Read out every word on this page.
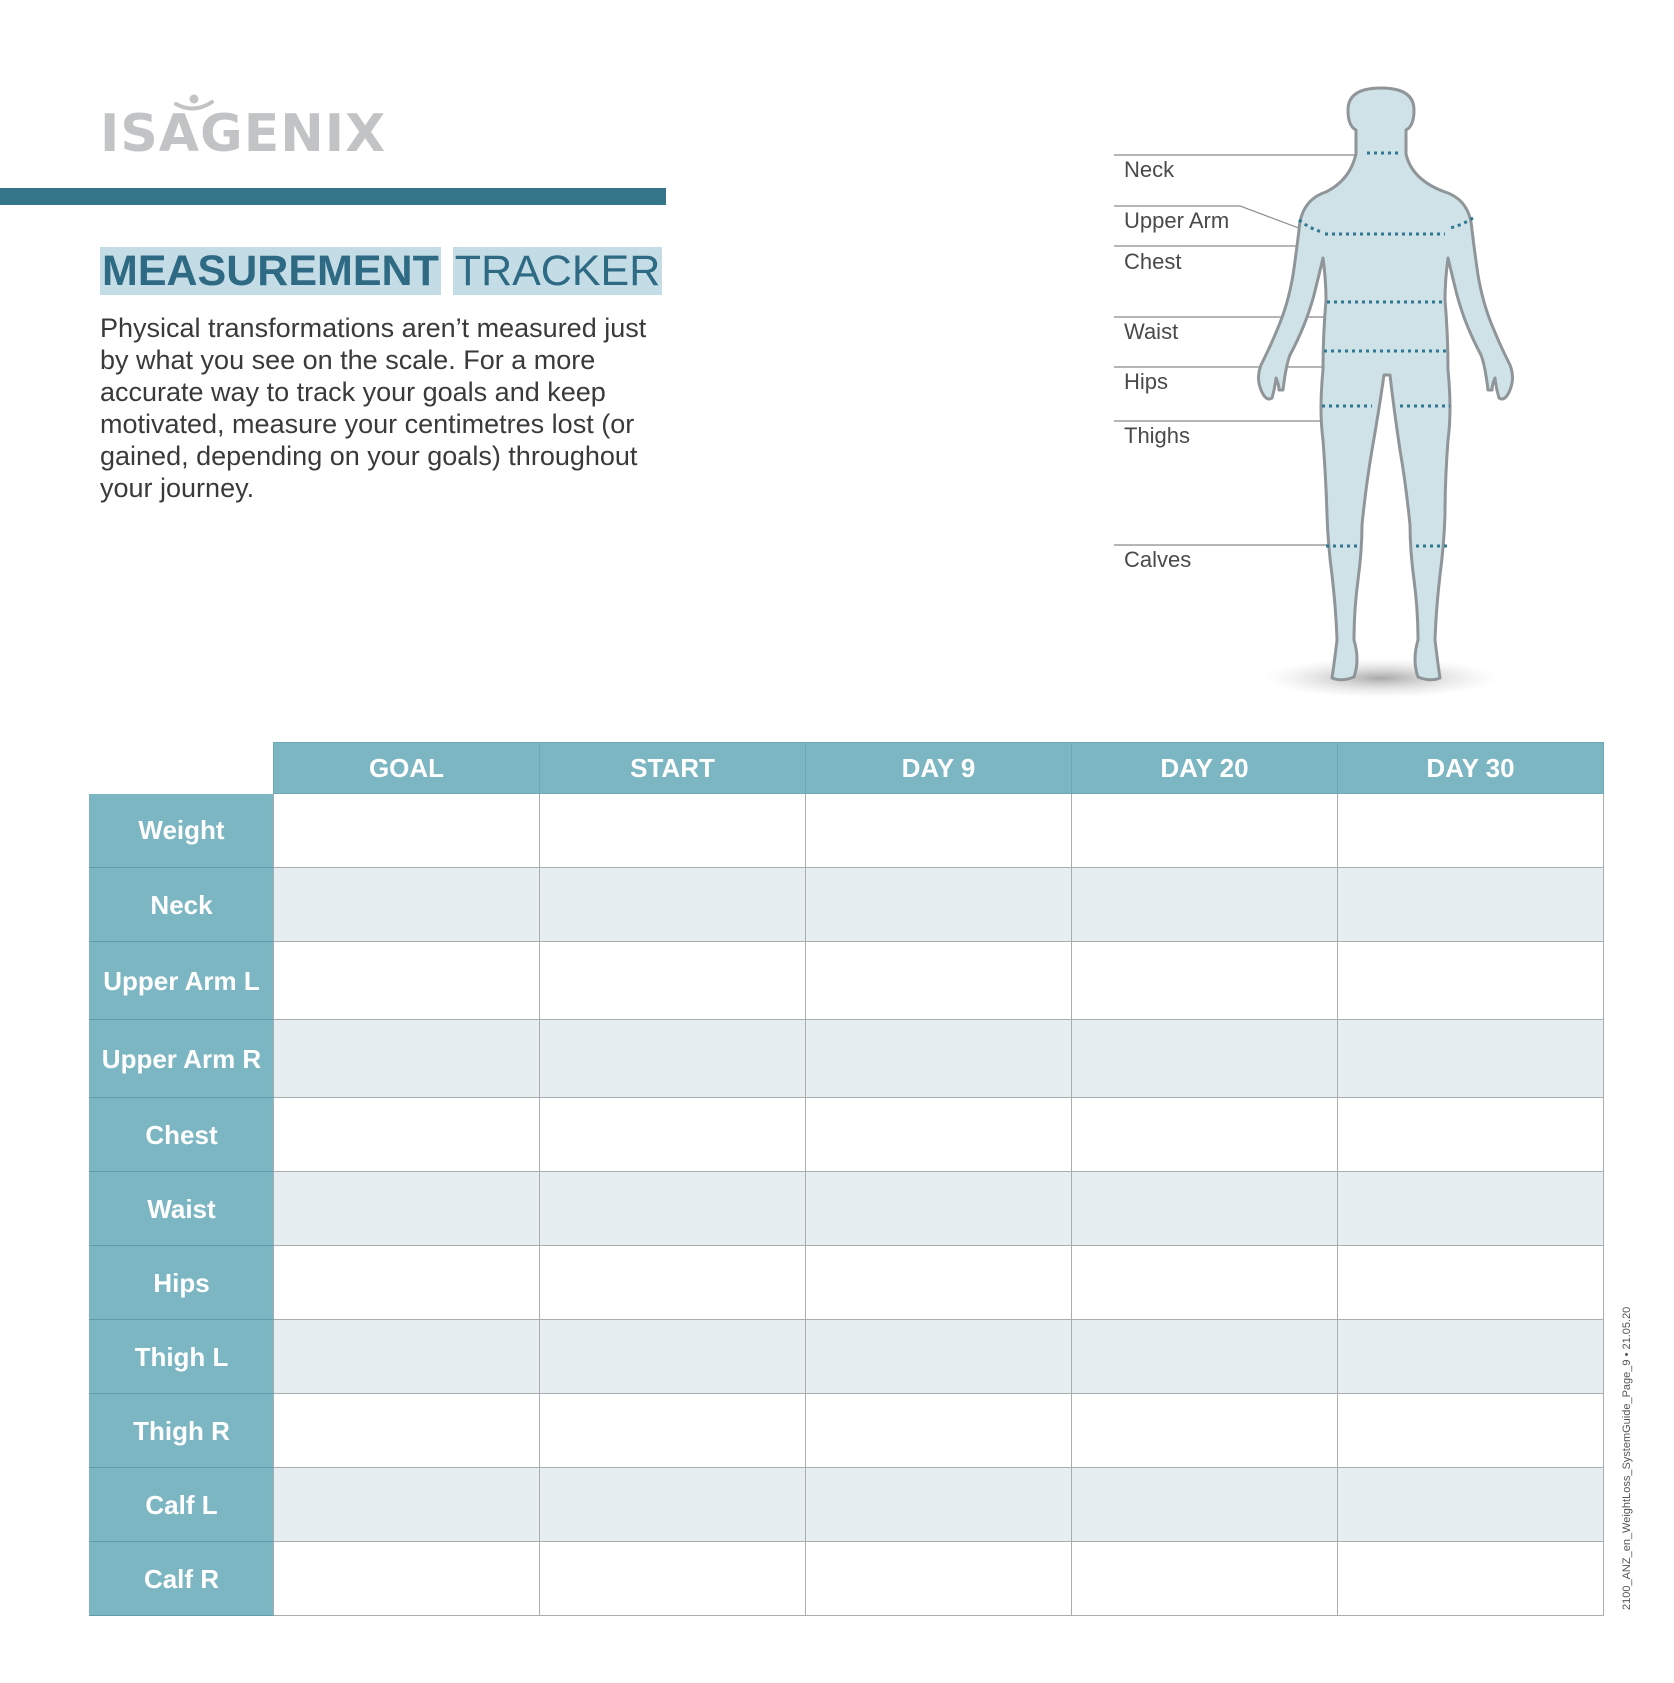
ISAGENIX
MEASUREMENT TRACKER

Physical transformations aren’t measured just by what you see on the scale. For a more accurate way to track your goals and keep motivated, measure your centimetres lost (or gained, depending on your goals) throughout your journey.

Neck
Upper Arm
Chest
Waist
Hips
Thighs
Calves
	GOAL	START	DAY 9	DAY 20	DAY 30
Weight					
Neck					
Upper Arm L					
Upper Arm R					
Chest					
Waist					
Hips					
Thigh L					
Thigh R					
Calf L					
Calf R						2100_ANZ_en_WeightLoss_SystemGuide_Page_9 • 21.05.20
